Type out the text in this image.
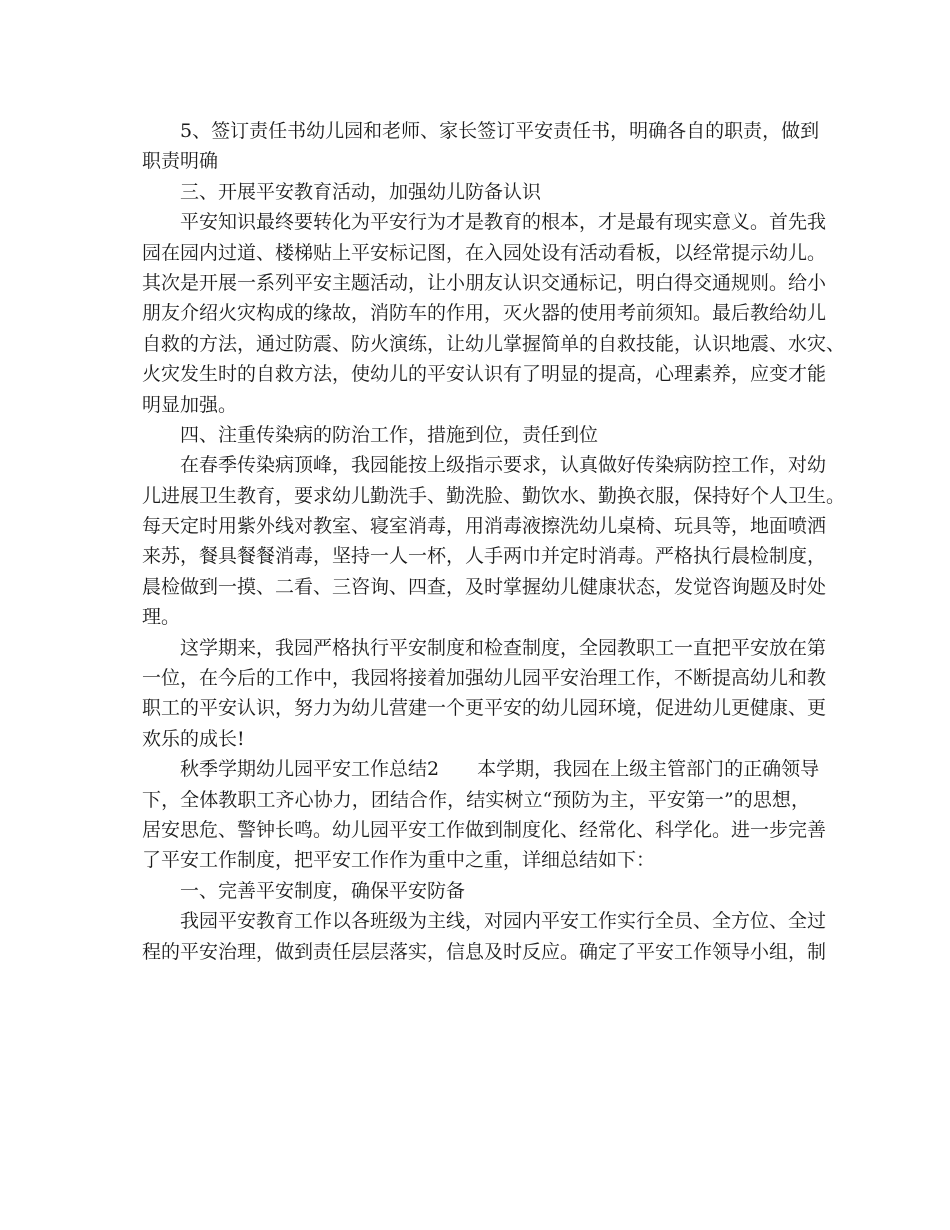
5、签订责任书幼儿园和老师、家长签订平安责任书，明确各自的职责，做到
职责明确
三、开展平安教育活动，加强幼儿防备认识
平安知识最终要转化为平安行为才是教育的根本，才是最有现实意义。首先我
园在园内过道、楼梯贴上平安标记图，在入园处设有活动看板，以经常提示幼儿。
其次是开展一系列平安主题活动，让小朋友认识交通标记，明白得交通规则。给小
朋友介绍火灾构成的缘故，消防车的作用，灭火器的使用考前须知。最后教给幼儿
自救的方法，通过防震、防火演练，让幼儿掌握简单的自救技能，认识地震、水灾、
火灾发生时的自救方法，使幼儿的平安认识有了明显的提高，心理素养，应变才能
明显加强。
四、注重传染病的防治工作，措施到位，责任到位
在春季传染病顶峰，我园能按上级指示要求，认真做好传染病防控工作，对幼
儿进展卫生教育，要求幼儿勤洗手、勤洗脸、勤饮水、勤换衣服，保持好个人卫生。
每天定时用紫外线对教室、寝室消毒，用消毒液擦洗幼儿桌椅、玩具等，地面喷洒
来苏，餐具餐餐消毒，坚持一人一杯，人手两巾并定时消毒。严格执行晨检制度，
晨检做到一摸、二看、三咨询、四查，及时掌握幼儿健康状态，发觉咨询题及时处
理。
这学期来，我园严格执行平安制度和检查制度，全园教职工一直把平安放在第
一位，在今后的工作中，我园将接着加强幼儿园平安治理工作，不断提高幼儿和教
职工的平安认识，努力为幼儿营建一个更平安的幼儿园环境，促进幼儿更健康、更
欢乐的成长!
秋季学期幼儿园平安工作总结2　　本学期，我园在上级主管部门的正确领导
下，全体教职工齐心协力，团结合作，结实树立“预防为主，平安第一”的思想，
居安思危、警钟长鸣。幼儿园平安工作做到制度化、经常化、科学化。进一步完善
了平安工作制度，把平安工作作为重中之重，详细总结如下：
一、完善平安制度，确保平安防备
我园平安教育工作以各班级为主线，对园内平安工作实行全员、全方位、全过
程的平安治理，做到责任层层落实，信息及时反应。确定了平安工作领导小组，制
